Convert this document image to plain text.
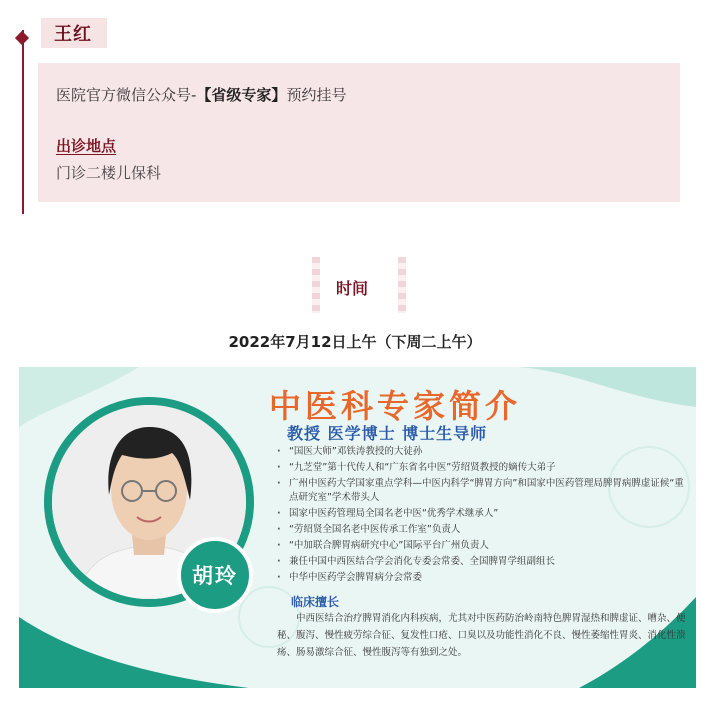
王红
医院官方微信公众号-【省级专家】预约挂号
出诊地点
门诊二楼儿保科
时间
2022年7月12日上午（下周二上午）
胡玲
中医科专家简介
教授 医学博士 博士生导师
· “国医大师”邓铁涛教授的大徒孙
· “九芝堂”第十代传人和“广东省名中医”劳绍贤教授的嫡传大弟子
· 广州中医药大学国家重点学科—中医内科学“脾胃方向”和国家中医药管理局脾胃病脾虚证候“重点研究室”学术带头人
· 国家中医药管理局全国名老中医“优秀学术继承人”
· “劳绍贤全国名老中医传承工作室”负责人
· “中加联合脾胃病研究中心”国际平台广州负责人
· 兼任中国中西医结合学会消化专委会常委、全国脾胃学组副组长
· 中华中医药学会脾胃病分会常委
临床擅长
中西医结合治疗脾胃消化内科疾病，尤其对中医药防治岭南特色脾胃湿热和脾虚证、嘈杂、便秘、腹泻、慢性疲劳综合征、复发性口疮、口臭以及功能性消化不良、慢性萎缩性胃炎、消化性溃疡、肠易激综合征、慢性腹泻等有独到之处。
